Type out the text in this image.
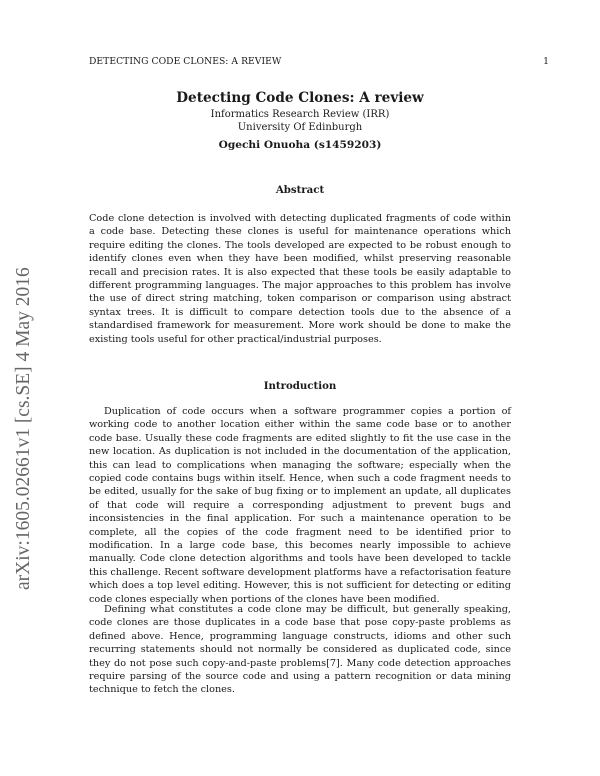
DETECTING CODE CLONES: A REVIEW	1
arXiv:1605.02661v1 [cs.SE] 4 May 2016
Detecting Code Clones: A review
Informatics Research Review (IRR)
University Of Edinburgh
Ogechi Onuoha (s1459203)
Abstract

Code clone detection is involved with detecting duplicated fragments of code within a code base. Detecting these clones is useful for maintenance operations which require editing the clones. The tools developed are expected to be robust enough to identify clones even when they have been modified, whilst preserving reasonable recall and precision rates. It is also expected that these tools be easily adaptable to different programming languages. The major approaches to this problem has involve the use of direct string matching, token comparison or comparison using abstract syntax trees. It is difficult to compare detection tools due to the absence of a standardised framework for measurement. More work should be done to make the existing tools useful for other practical/industrial purposes.

Introduction

Duplication of code occurs when a software programmer copies a portion of working code to another location either within the same code base or to another code base. Usually these code fragments are edited slightly to fit the use case in the new location. As duplication is not included in the documentation of the application, this can lead to complications when managing the software; especially when the copied code contains bugs within itself. Hence, when such a code fragment needs to be edited, usually for the sake of bug fixing or to implement an update, all duplicates of that code will require a corresponding adjustment to prevent bugs and inconsistencies in the final application. For such a maintenance operation to be complete, all the copies of the code fragment need to be identified prior to modification. In a large code base, this becomes nearly impossible to achieve manually. Code clone detection algorithms and tools have been developed to tackle this challenge. Recent software development platforms have a refactorisation feature which does a top level editing. However, this is not sufficient for detecting or editing code clones especially when portions of the clones have been modified.

Defining what constitutes a code clone may be difficult, but generally speaking, code clones are those duplicates in a code base that pose copy-paste problems as defined above. Hence, programming language constructs, idioms and other such recurring statements should not normally be considered as duplicated code, since they do not pose such copy-and-paste problems[7]. Many code detection approaches require parsing of the source code and using a pattern recognition or data mining technique to fetch the clones.
